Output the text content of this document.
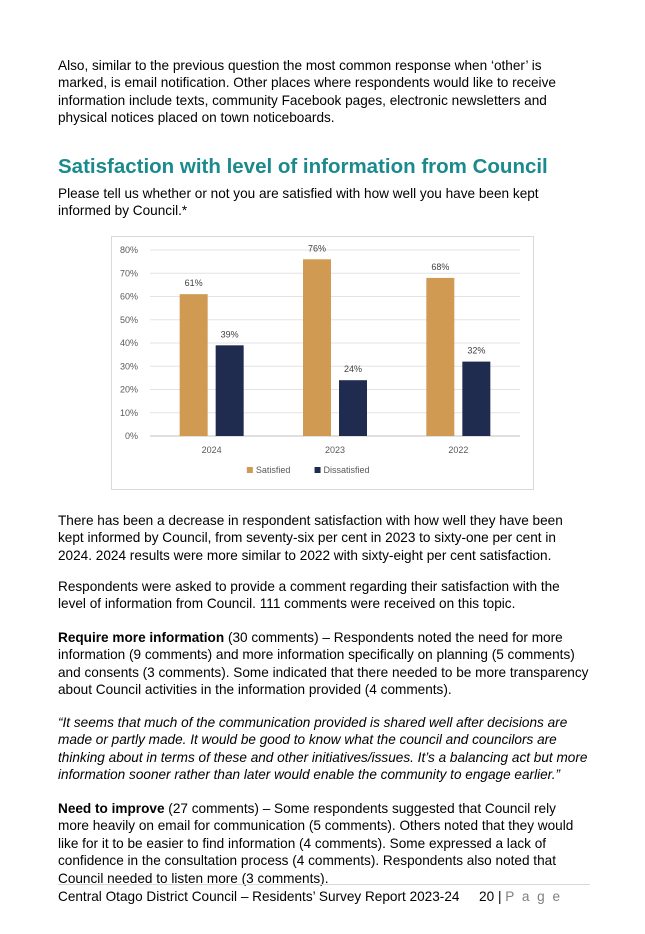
Also, similar to the previous question the most common response when ‘other’ is marked, is email notification. Other places where respondents would like to receive information include texts, community Facebook pages, electronic newsletters and physical notices placed on town noticeboards.

Satisfaction with level of information from Council

Please tell us whether or not you are satisfied with how well you have been kept informed by Council.*

0%
10%
20%
30%
40%
50%
60%
70%
80%
61%
39%
76%
24%
68%
32%
2024	2023	2022
Satisfied	Dissatisfied

There has been a decrease in respondent satisfaction with how well they have been kept informed by Council, from seventy-six per cent in 2023 to sixty-one per cent in 2024. 2024 results were more similar to 2022 with sixty-eight per cent satisfaction.

Respondents were asked to provide a comment regarding their satisfaction with the level of information from Council. 111 comments were received on this topic.

Require more information (30 comments) – Respondents noted the need for more information (9 comments) and more information specifically on planning (5 comments) and consents (3 comments). Some indicated that there needed to be more transparency about Council activities in the information provided (4 comments).

“It seems that much of the communication provided is shared well after decisions are made or partly made. It would be good to know what the council and councilors are thinking about in terms of these and other initiatives/issues. It’s a balancing act but more information sooner rather than later would enable the community to engage earlier.”

Need to improve (27 comments) – Some respondents suggested that Council rely more heavily on email for communication (5 comments). Others noted that they would like for it to be easier to find information (4 comments). Some expressed a lack of confidence in the consultation process (4 comments). Respondents also noted that Council needed to listen more (3 comments).

Central Otago District Council – Residents’ Survey Report 2023-24 20 | P a g e
